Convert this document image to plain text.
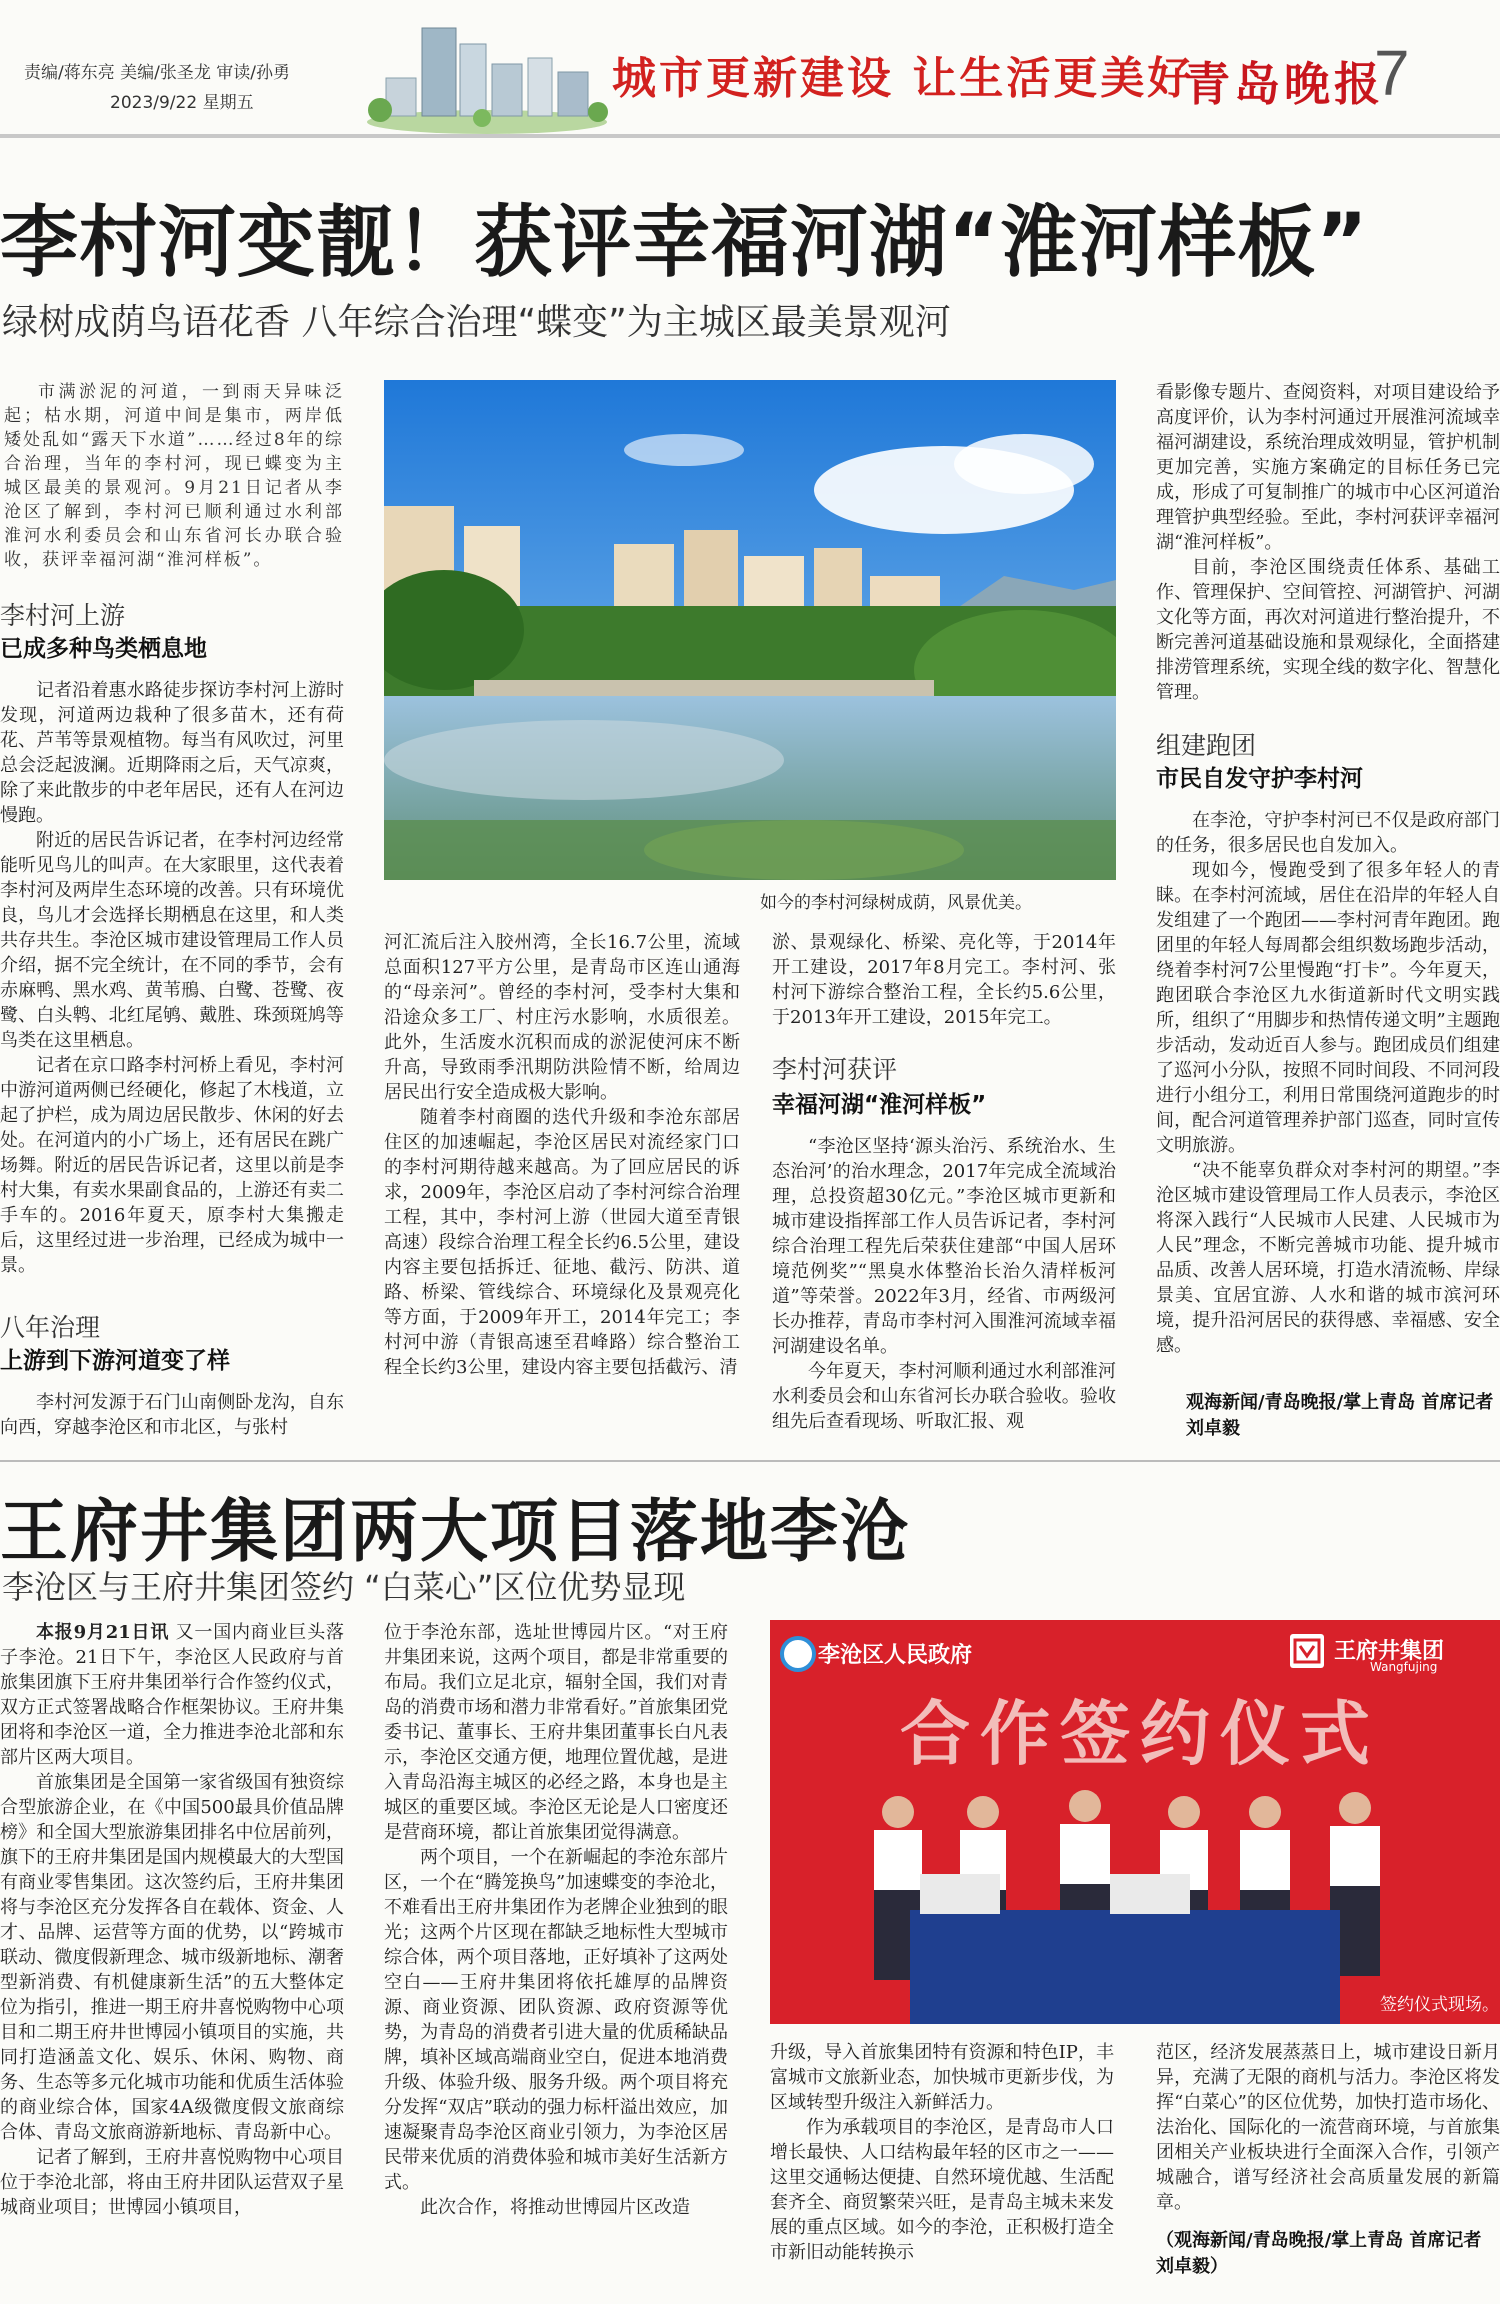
责编/蒋东亮 美编/张圣龙 审读/孙勇
2023/9/22 星期五	城市更新建设 让生活更美好
青岛晚报
7
李村河变靓！获评幸福河湖“淮河样板”
绿树成荫鸟语花香 八年综合治理“蝶变”为主城区最美景观河

市满淤泥的河道，一到雨天异味泛起；枯水期，河道中间是集市，两岸低矮处乱如“露天下水道”……经过8年的综合治理，当年的李村河，现已蝶变为主城区最美的景观河。9月21日记者从李沧区了解到，李村河已顺利通过水利部淮河水利委员会和山东省河长办联合验收，获评幸福河湖“淮河样板”。

李村河上游
已成多种鸟类栖息地

记者沿着惠水路徒步探访李村河上游时发现，河道两边栽种了很多苗木，还有荷花、芦苇等景观植物。每当有风吹过，河里总会泛起波澜。近期降雨之后，天气凉爽，除了来此散步的中老年居民，还有人在河边慢跑。

附近的居民告诉记者，在李村河边经常能听见鸟儿的叫声。在大家眼里，这代表着李村河及两岸生态环境的改善。只有环境优良，鸟儿才会选择长期栖息在这里，和人类共存共生。李沧区城市建设管理局工作人员介绍，据不完全统计，在不同的季节，会有赤麻鸭、黑水鸡、黄苇鳽、白鹭、苍鹭、夜鹭、白头鹎、北红尾鸲、戴胜、珠颈斑鸠等鸟类在这里栖息。

记者在京口路李村河桥上看见，李村河中游河道两侧已经硬化，修起了木栈道，立起了护栏，成为周边居民散步、休闲的好去处。在河道内的小广场上，还有居民在跳广场舞。附近的居民告诉记者，这里以前是李村大集，有卖水果副食品的，上游还有卖二手车的。2016年夏天，原李村大集搬走后，这里经过进一步治理，已经成为城中一景。

八年治理
上游到下游河道变了样

李村河发源于石门山南侧卧龙沟，自东向西，穿越李沧区和市北区，与张村

如今的李村河绿树成荫，风景优美。

河汇流后注入胶州湾，全长16.7公里，流域总面积127平方公里，是青岛市区连山通海的“母亲河”。曾经的李村河，受李村大集和沿途众多工厂、村庄污水影响，水质很差。此外，生活废水沉积而成的淤泥使河床不断升高，导致雨季汛期防洪险情不断，给周边居民出行安全造成极大影响。

随着李村商圈的迭代升级和李沧东部居住区的加速崛起，李沧区居民对流经家门口的李村河期待越来越高。为了回应居民的诉求，2009年，李沧区启动了李村河综合治理工程，其中，李村河上游（世园大道至青银高速）段综合治理工程全长约6.5公里，建设内容主要包括拆迁、征地、截污、防洪、道路、桥梁、管线综合、环境绿化及景观亮化等方面，于2009年开工，2014年完工；李村河中游（青银高速至君峰路）综合整治工程全长约3公里，建设内容主要包括截污、清

淤、景观绿化、桥梁、亮化等，于2014年开工建设，2017年8月完工。李村河、张村河下游综合整治工程，全长约5.6公里，于2013年开工建设，2015年完工。

李村河获评
幸福河湖“淮河样板”

“李沧区坚持‘源头治污、系统治水、生态治河’的治水理念，2017年完成全流域治理，总投资超30亿元。”李沧区城市更新和城市建设指挥部工作人员告诉记者，李村河综合治理工程先后荣获住建部“中国人居环境范例奖”“黑臭水体整治长治久清样板河道”等荣誉。2022年3月，经省、市两级河长办推荐，青岛市李村河入围淮河流域幸福河湖建设名单。

今年夏天，李村河顺利通过水利部淮河水利委员会和山东省河长办联合验收。验收组先后查看现场、听取汇报、观

看影像专题片、查阅资料，对项目建设给予高度评价，认为李村河通过开展淮河流域幸福河湖建设，系统治理成效明显，管护机制更加完善，实施方案确定的目标任务已完成，形成了可复制推广的城市中心区河道治理管护典型经验。至此，李村河获评幸福河湖“淮河样板”。

目前，李沧区围绕责任体系、基础工作、管理保护、空间管控、河湖管护、河湖文化等方面，再次对河道进行整治提升，不断完善河道基础设施和景观绿化，全面搭建排涝管理系统，实现全线的数字化、智慧化管理。

组建跑团
市民自发守护李村河

在李沧，守护李村河已不仅是政府部门的任务，很多居民也自发加入。

现如今，慢跑受到了很多年轻人的青睐。在李村河流域，居住在沿岸的年轻人自发组建了一个跑团——李村河青年跑团。跑团里的年轻人每周都会组织数场跑步活动，绕着李村河7公里慢跑“打卡”。今年夏天，跑团联合李沧区九水街道新时代文明实践所，组织了“用脚步和热情传递文明”主题跑步活动，发动近百人参与。跑团成员们组建了巡河小分队，按照不同时间段、不同河段进行小组分工，利用日常围绕河道跑步的时间，配合河道管理养护部门巡查，同时宣传文明旅游。

“决不能辜负群众对李村河的期望。”李沧区城市建设管理局工作人员表示，李沧区将深入践行“人民城市人民建、人民城市为人民”理念，不断完善城市功能、提升城市品质、改善人居环境，打造水清流畅、岸绿景美、宜居宜游、人水和谐的城市滨河环境，提升沿河居民的获得感、幸福感、安全感。

观海新闻/青岛晚报/掌上青岛 首席记者 刘卓毅
王府井集团两大项目落地李沧
李沧区与王府井集团签约 “白菜心”区位优势显现

本报9月21日讯 又一国内商业巨头落子李沧。21日下午，李沧区人民政府与首旅集团旗下王府井集团举行合作签约仪式，双方正式签署战略合作框架协议。王府井集团将和李沧区一道，全力推进李沧北部和东部片区两大项目。

首旅集团是全国第一家省级国有独资综合型旅游企业，在《中国500最具价值品牌榜》和全国大型旅游集团排名中位居前列，旗下的王府井集团是国内规模最大的大型国有商业零售集团。这次签约后，王府井集团将与李沧区充分发挥各自在载体、资金、人才、品牌、运营等方面的优势，以“跨城市联动、微度假新理念、城市级新地标、潮奢型新消费、有机健康新生活”的五大整体定位为指引，推进一期王府井喜悦购物中心项目和二期王府井世博园小镇项目的实施，共同打造涵盖文化、娱乐、休闲、购物、商务、生态等多元化城市功能和优质生活体验的商业综合体，国家4A级微度假文旅商综合体、青岛文旅商游新地标、青岛新中心。

记者了解到，王府井喜悦购物中心项目位于李沧北部，将由王府井团队运营双子星城商业项目；世博园小镇项目，

位于李沧东部，选址世博园片区。“对王府井集团来说，这两个项目，都是非常重要的布局。我们立足北京，辐射全国，我们对青岛的消费市场和潜力非常看好。”首旅集团党委书记、董事长、王府井集团董事长白凡表示，李沧区交通方便，地理位置优越，是进入青岛沿海主城区的必经之路，本身也是主城区的重要区域。李沧区无论是人口密度还是营商环境，都让首旅集团觉得满意。

两个项目，一个在新崛起的李沧东部片区，一个在“腾笼换鸟”加速蝶变的李沧北，不难看出王府井集团作为老牌企业独到的眼光；这两个片区现在都缺乏地标性大型城市综合体，两个项目落地，正好填补了这两处空白——王府井集团将依托雄厚的品牌资源、商业资源、团队资源、政府资源等优势，为青岛的消费者引进大量的优质稀缺品牌，填补区域高端商业空白，促进本地消费升级、体验升级、服务升级。两个项目将充分发挥“双店”联动的强力标杆溢出效应，加速凝聚青岛李沧区商业引领力，为李沧区居民带来优质的消费体验和城市美好生活新方式。

此次合作，将推动世博园片区改造

李沧区人民政府	王府井集团
Wangfujing
合作签约仪式
签约仪式现场。

升级，导入首旅集团特有资源和特色IP，丰富城市文旅新业态，加快城市更新步伐，为区域转型升级注入新鲜活力。

作为承载项目的李沧区，是青岛市人口增长最快、人口结构最年轻的区市之一——这里交通畅达便捷、自然环境优越、生活配套齐全、商贸繁荣兴旺，是青岛主城未来发展的重点区域。如今的李沧，正积极打造全市新旧动能转换示

范区，经济发展蒸蒸日上，城市建设日新月异，充满了无限的商机与活力。李沧区将发挥“白菜心”的区位优势，加快打造市场化、法治化、国际化的一流营商环境，与首旅集团相关产业板块进行全面深入合作，引领产城融合，谱写经济社会高质量发展的新篇章。

（观海新闻/青岛晚报/掌上青岛 首席记者 刘卓毅）
